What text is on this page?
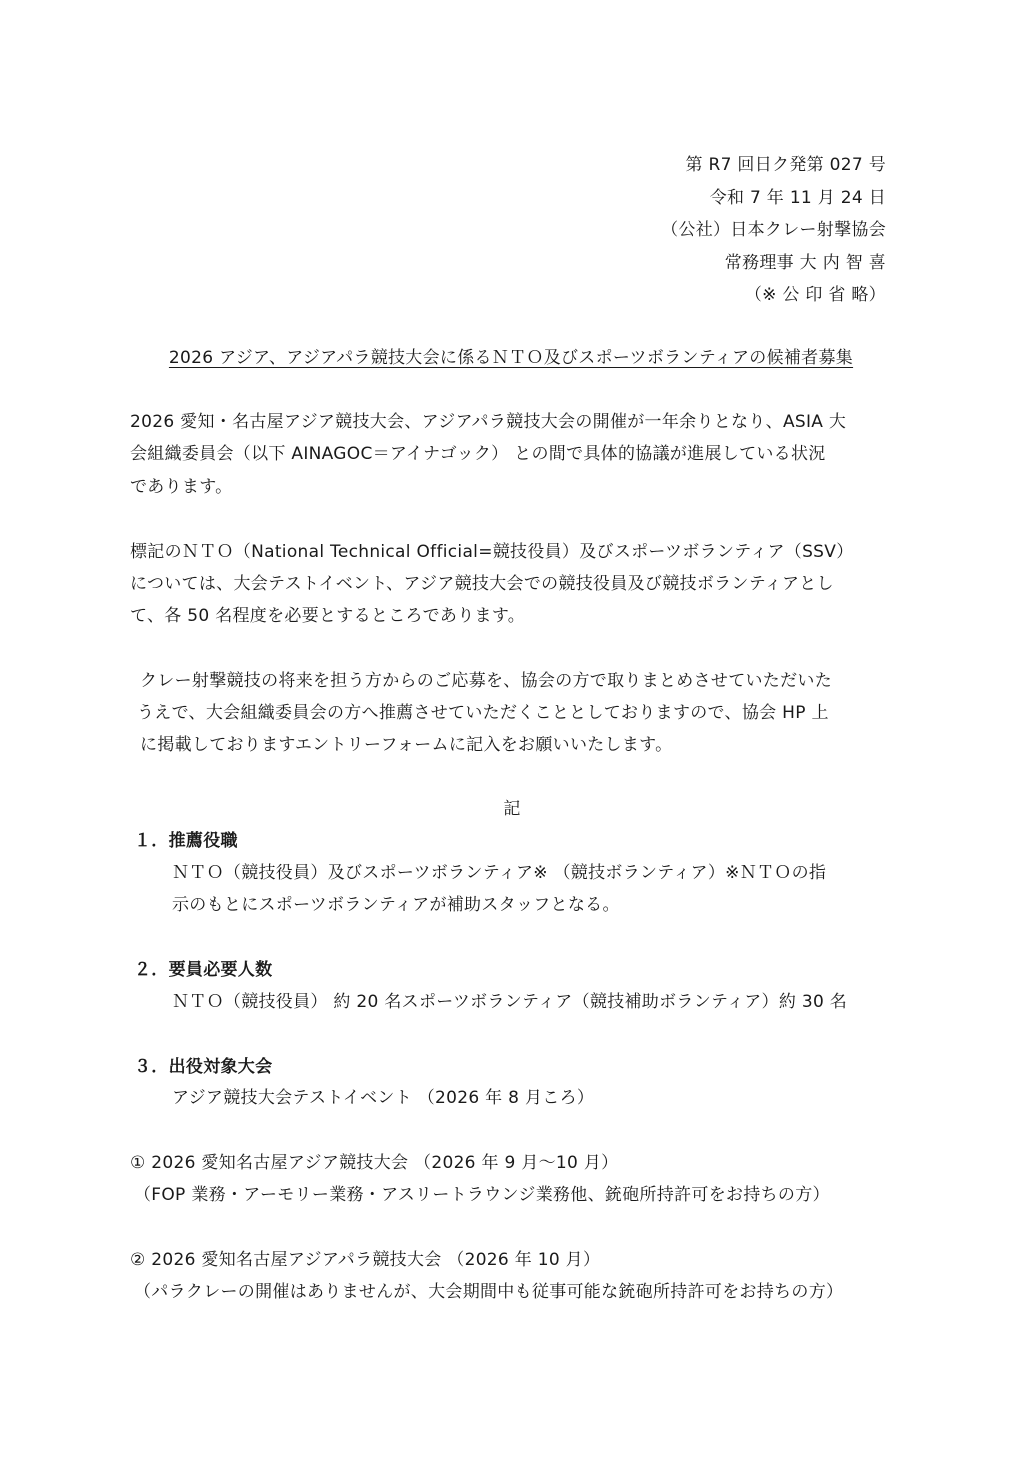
第 R7 回日ク発第 027 号
令和 7 年 11 月 24 日
（公社）日本クレー射撃協会
常務理事 大 内 智 喜
（※ 公 印 省 略）
2026 アジア、アジアパラ競技大会に係るＮＴＯ及びスポーツボランティアの候補者募集
2026 愛知・名古屋アジア競技大会、アジアパラ競技大会の開催が一年余りとなり、ASIA 大
会組織委員会（以下 AINAGOC＝アイナゴック） との間で具体的協議が進展している状況
であります。
標記のＮＴＯ（National Technical Official=競技役員）及びスポーツボランティア（SSV）
については、大会テストイベント、アジア競技大会での競技役員及び競技ボランティアとし
て、各 50 名程度を必要とするところであります。
クレー射撃競技の将来を担う方からのご応募を、協会の方で取りまとめさせていただいた
うえで、大会組織委員会の方へ推薦させていただくこととしておりますので、協会 HP 上
に掲載しておりますエントリーフォームに記入をお願いいたします。
記
１．推薦役職
ＮＴＯ（競技役員）及びスポーツボランティア※ （競技ボランティア）※ＮＴＯの指
示のもとにスポーツボランティアが補助スタッフとなる。
２．要員必要人数
ＮＴＯ（競技役員） 約 20 名スポーツボランティア（競技補助ボランティア）約 30 名
３．出役対象大会
アジア競技大会テストイベント （2026 年 8 月ころ）
① 2026 愛知名古屋アジア競技大会 （2026 年 9 月～10 月）
（FOP 業務・アーモリー業務・アスリートラウンジ業務他、銃砲所持許可をお持ちの方）
② 2026 愛知名古屋アジアパラ競技大会 （2026 年 10 月）
（パラクレーの開催はありませんが、大会期間中も従事可能な銃砲所持許可をお持ちの方）
